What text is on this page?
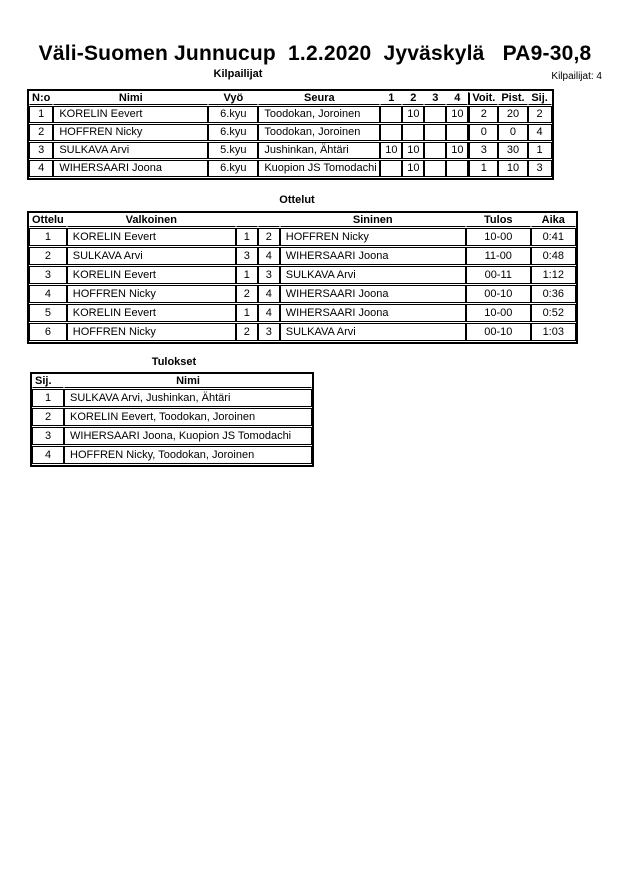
Väli-Suomen Junnucup  1.2.2020  Jyväskylä   PA9-30,8
Kilpailijat	Kilpailijat: 4
N:o	Nimi	Vyö	Seura	1	2	3	4	Voit.	Pist.	Sij.
1	KORELIN Eevert	6.kyu	Toodokan, Joroinen		10		10	2	20	2
2	HOFFREN Nicky	6.kyu	Toodokan, Joroinen					0	0	4
3	SULKAVA Arvi	5.kyu	Jushinkan, Ähtäri	10	10		10	3	30	1
4	WIHERSAARI Joona	6.kyu	Kuopion JS Tomodachi		10			1	10	3
Ottelut
Ottelu	Valkoinen			Sininen	Tulos	Aika
1	KORELIN Eevert	1	2	HOFFREN Nicky	10-00	0:41
2	SULKAVA Arvi	3	4	WIHERSAARI Joona	11-00	0:48
3	KORELIN Eevert	1	3	SULKAVA Arvi	00-11	1:12
4	HOFFREN Nicky	2	4	WIHERSAARI Joona	00-10	0:36
5	KORELIN Eevert	1	4	WIHERSAARI Joona	10-00	0:52
6	HOFFREN Nicky	2	3	SULKAVA Arvi	00-10	1:03
Tulokset
Sij.	Nimi
1	SULKAVA Arvi, Jushinkan, Ähtäri
2	KORELIN Eevert, Toodokan, Joroinen
3	WIHERSAARI Joona, Kuopion JS Tomodachi
4	HOFFREN Nicky, Toodokan, Joroinen
